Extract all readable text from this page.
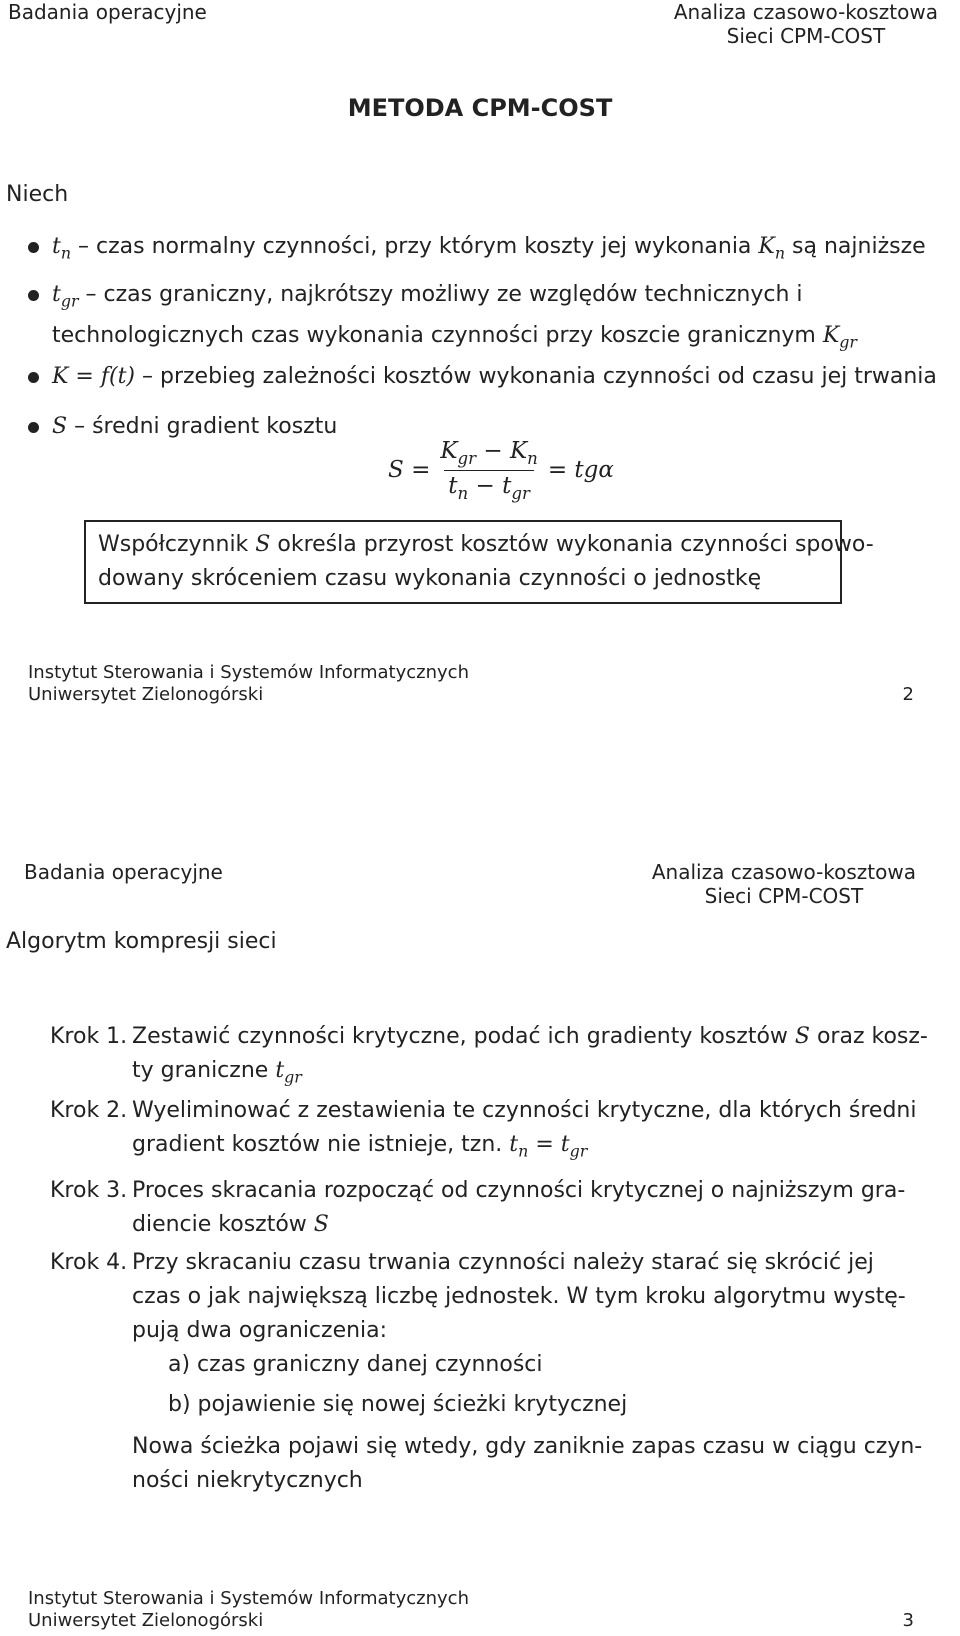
Badania operacyjne	Analiza czasowo-kosztowa
Sieci CPM-COST
METODA CPM-COST
Niech
$t_n$ – czas normalny czynności, przy którym koszty jej wykonania $K_n$ są najniższe
$t_{gr}$ – czas graniczny, najkrótszy możliwy ze względów technicznych i
technologicznych czas wykonania czynności przy koszcie granicznym $K_{gr}$
K = f(t) – przebieg zależności kosztów wykonania czynności od czasu jej trwania
S – średni gradient kosztu
$S = \frac{K_{gr} - K_n}{t_n - t_{gr}} = tg\alpha$
Współczynnik S określa przyrost kosztów wykonania czynności spowo-
dowany skróceniem czasu wykonania czynności o jednostkę
Instytut Sterowania i Systemów Informatycznych
Uniwersytet Zielonogórski	2
Badania operacyjne	Analiza czasowo-kosztowa
Sieci CPM-COST
Algorytm kompresji sieci
Krok 1. Zestawić czynności krytyczne, podać ich gradienty kosztów S oraz kosz-
ty graniczne $t_{gr}$
Krok 2. Wyeliminować z zestawienia te czynności krytyczne, dla których średni
gradient kosztów nie istnieje, tzn. $t_n = t_{gr}$
Krok 3. Proces skracania rozpocząć od czynności krytycznej o najniższym gra-
diencie kosztów S
Krok 4. Przy skracaniu czasu trwania czynności należy starać się skrócić jej
czas o jak największą liczbę jednostek. W tym kroku algorytmu wystę-
pują dwa ograniczenia:
a) czas graniczny danej czynności
b) pojawienie się nowej ścieżki krytycznej
Nowa ścieżka pojawi się wtedy, gdy zaniknie zapas czasu w ciągu czyn-
ności niekrytycznych
Instytut Sterowania i Systemów Informatycznych
Uniwersytet Zielonogórski	3
